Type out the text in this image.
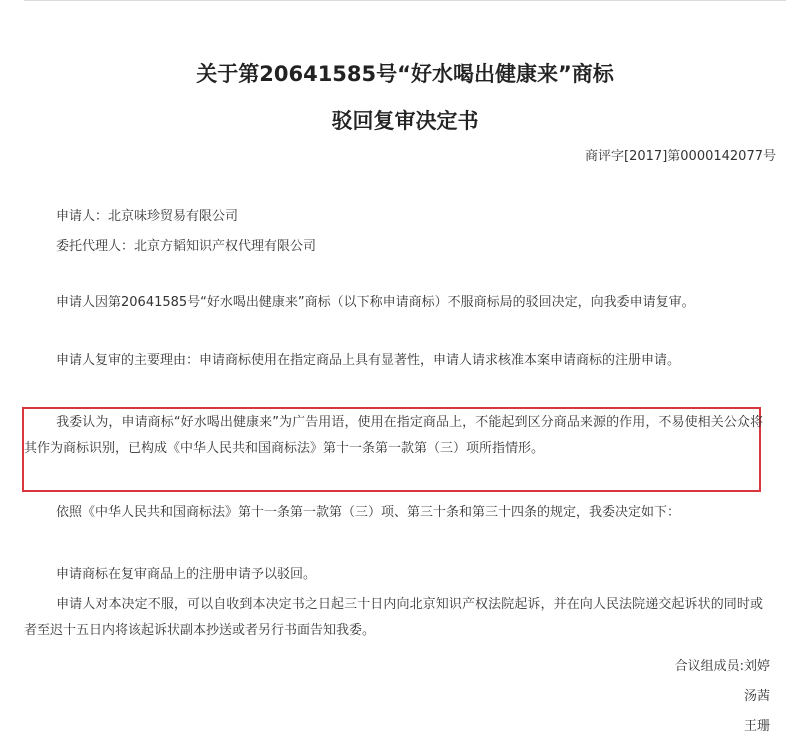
关于第20641585号“好水喝出健康来”商标
驳回复审决定书
商评字[2017]第0000142077号
申请人：北京味珍贸易有限公司
委托代理人：北京方韬知识产权代理有限公司
申请人因第20641585号“好水喝出健康来”商标（以下称申请商标）不服商标局的驳回决定，向我委申请复审。
申请人复审的主要理由：申请商标使用在指定商品上具有显著性，申请人请求核准本案申请商标的注册申请。
我委认为，申请商标“好水喝出健康来”为广告用语，使用在指定商品上，不能起到区分商品来源的作用，不易使相关公众将其作为商标识别，已构成《中华人民共和国商标法》第十一条第一款第（三）项所指情形。
依照《中华人民共和国商标法》第十一条第一款第（三）项、第三十条和第三十四条的规定，我委决定如下：
申请商标在复审商品上的注册申请予以驳回。
申请人对本决定不服，可以自收到本决定书之日起三十日内向北京知识产权法院起诉，并在向人民法院递交起诉状的同时或者至迟十五日内将该起诉状副本抄送或者另行书面告知我委。
合议组成员:刘婷
汤茜
王珊
